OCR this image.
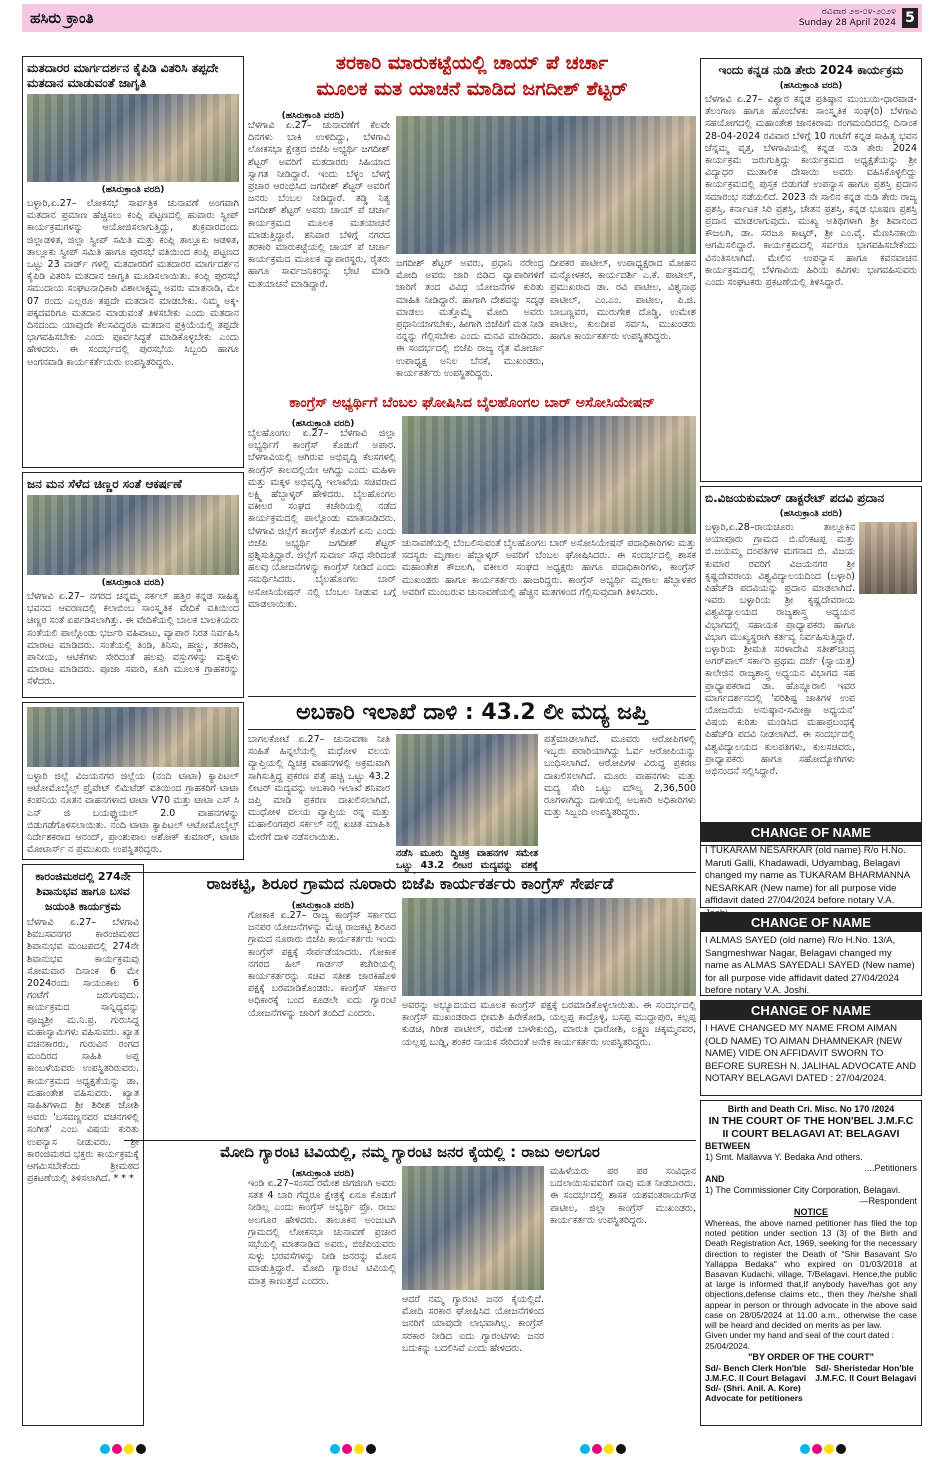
ಹಸಿರು ಕ್ರಾಂತಿ	ರವಿವಾರ ೨೮-೦೪-೨೦೨೪
Sunday 28 April 2024 5
ಮತದಾರರ ಮಾರ್ಗದರ್ಶನ ಕೈಪಿಡಿ ವಿತರಿಸಿ ತಪ್ಪದೇ ಮತದಾನ ಮಾಡುವಂತೆ ಜಾಗೃತಿ
(ಹಸಿರುಕ್ರಾಂತಿ ವರದಿ)
ಬಳ್ಳಾರಿ,ಏ.27– ಲೋಕಸಭೆ ಸಾರ್ವತ್ರಿಕ ಚುನಾವಣೆ ಅಂಗವಾಗಿ ಮತದಾನ ಪ್ರಮಾಣ ಹೆಚ್ಚಿಸಲು ಕಂಪ್ಲಿ ಪಟ್ಟಣದಲ್ಲಿ ಹುವಾರು ಸ್ವೀಪ್ ಕಾರ್ಯಕ್ರಮಗಳನ್ನು ಆಯೋಜಿಸಲಾಗುತ್ತಿದ್ದು, ಶುಕ್ರವಾರದಂದು ಜಿಲ್ಲಾಡಳಿತ, ಜಿಲ್ಲಾ ಸ್ವೀಪ್ ಸಮಿತಿ ಮತ್ತು ಕಂಪ್ಲಿ ತಾಲ್ಲೂಕು ಆಡಳಿತ, ತಾಲ್ಲೂಕು ಸ್ವೀಪ್ ಸಮಿತಿ ಹಾಗೂ ಪುರಸಭೆ ವತಿಯಿಂದ ಕಂಪ್ಲಿ ಪಟ್ಟಣದ ಒಟ್ಟು 23 ವಾರ್ಡ್ ಗಳಲ್ಲಿ ಮತದಾರರಿಗೆ ಮತದಾರರ ಮಾರ್ಗದರ್ಶನ ಕೈಪಿಡಿ ವಿತರಿಸಿ ಮತದಾನ ಜಾಗೃತಿ ಮೂಡಿಸಲಾಯಿತು. ಕಂಪ್ಲಿ ಪುರಸಭೆ ಸಮುದಾಯ ಸಂಘಟನಾಧಿಕಾರಿ ವಿಶಾಲಾಕ್ಷ್ಮಮ್ಮ ಅವರು ಮಾತನಾಡಿ, ಮೇ 07 ರಂದು ಎಲ್ಲರೂ ತಪ್ಪದೇ ಮತದಾನ ಮಾಡಬೇಕು. ನಿಮ್ಮ ಅಕ್ಕ-ಪಕ್ಕದವರಿಗೂ ಮತದಾನ ಮಾಡುವಂತೆ ತಿಳಿಸಬೇಕು ಎಂದು ಮತದಾನ ದಿನದಂದು ಯಾವುದೇ ಕೆಲಸವಿದ್ದರೂ ಮತದಾನ ಪ್ರಕ್ರಿಯೆಯಲ್ಲಿ ತಪ್ಪದೇ ಭಾಗವಹಿಸಬೇಕು ಎಂದು ಪೂರ್ವಸಿದ್ಧತೆ ಮಾಡಿಕೊಳ್ಳಬೇಕು ಎಂದು ಹೇಳಿದರು. ಈ ಸಂದರ್ಭದಲ್ಲಿ ಪುರಸಭೆಯ ಸಿಬ್ಬಂದಿ ಹಾಗೂ ಅಂಗನವಾಡಿ ಕಾರ್ಯಕರ್ತೆಯರು ಉಪಸ್ಥಿತರಿದ್ದರು.
ಜನ ಮನ ಸೆಳೆದ ಚಿಣ್ಣರ ಸಂತೆ ಆಕರ್ಷಣೆ
(ಹಸಿರುಕ್ರಾಂತಿ ವರದಿ)
ಬೆಳಗಾವಿ ಏ.27– ನಗರದ ಚನ್ನಮ್ಮ ಸರ್ಕಲ್ ಹತ್ತಿರ ಕನ್ನಡ ಸಾಹಿತ್ಯ ಭವನದ ಆವರಣದಲ್ಲಿ ಕಲಾಬಿಂಬ ಸಾಂಸ್ಕೃತಿಕ ವೇದಿಕೆ ವತಿಯಿಂದ ಚಿಣ್ಣರ ಸಂತೆ ಏರ್ಪಡಿಸಲಾಗಿತ್ತು. ಈ ವೇದಿಕೆಯಲ್ಲಿ ಬಾಲಕ ಬಾಲಕಿಯರು ಸಂತೆಯಲಿ ಪಾಲ್ಗೊಂಡು ಭರ್ಜರಿ ವಹಿವಾಟು, ವ್ಯಾಪಾರ ನಿರತ ನಿರ್ವಹಿಸಿ ಮಾರಾಟ ಮಾಡಿದರು. ಸಂತೆಯಲ್ಲಿ ತಿಂಡಿ, ತಿನಿಸು, ಹಣ್ಣು, ತರಕಾರಿ, ಪಾನೀಯ, ಆಟಿಕೆಗಳು ಸೇರಿದಂತೆ ಹಲವು ವಸ್ತುಗಳನ್ನು ಮಕ್ಕಳು ಮಾರಾಟ ಮಾಡಿದರು. ಪೂಜಾ ಸವಾರಿ, ಕೂಗಿ ಮೂಲಕ ಗ್ರಾಹಕರನ್ನು ಸೆಳೆದರು.
ಬಳ್ಳಾರಿ ಜಿಲ್ಲೆ ವಿಜಯನಗರ ಜಿಲ್ಲೆಯ (ನಂದಿ ಟಾಟಾ) ಕ್ಯಾಪಿಟಲ್ ಆಟೋಮೊಬೈಲ್ಸ್ ಪ್ರೈವೇಟ್ ಲಿಮಿಟೆಡ್ ವತಿಯಿಂದ ಗ್ರಾಹಕರಿಗೆ ಟಾಟಾ ಕಂಪನಿಯ ನೂತನ ವಾಹನಗಳಾದ ಟಾಟಾ V70 ಮತ್ತು ಟಾಟಾ ಎಸ್ ಸಿ ಎನ್ ಜಿ ಬಯಫ್ಯುಯಲ್ 2.0 ವಾಹನಗಳನ್ನು ಬಿಡುಗಡೆಗೊಳಿಸಲಾಯಿತು. ನಂದಿ ಟಾಟಾ ಕ್ಯಾಪಿಟಲ್ ಆಟೋಮೊಬೈಲ್ಸ್ ನಿರ್ದೇಶಕರಾದ ಆನಂದ್, ಪ್ರಾಂಶುಪಾಲ ಅಶೋಕ್ ಕುಮಾರ್, ಟಾಟಾ ಮೋಟಾರ್ಸ್ ನ ಪ್ರಮುಖರು ಉಪಸ್ಥಿತರಿದ್ದರು.
ಕಾರಂಜಿಮಠದಲ್ಲಿ 274ನೇ ಶಿವಾನುಭವ ಹಾಗೂ ಬಸವ ಜಯಂತಿ ಕಾರ್ಯಕ್ರಮ
ಬೆಳಗಾವಿ ಏ.27– ಬೆಳಗಾವಿ ಶಿವಬಸವನಗರ ಕಾರಂಜಿಮಠದ ಶಿವಾನುಭವ ಮಂಟಪದಲ್ಲಿ 274ನೇ ಶಿವಾನುಭವ ಕಾರ್ಯಕ್ರಮವು ಸೋಮವಾರ ದಿನಾಂಕ 6 ಮೇ 2024ರಂದು ಸಾಯಂಕಾಲ 6 ಗಂಟೆಗೆ ಜರುಗುವುದು. ಕಾರ್ಯಕ್ರಮದ ಸಾನ್ನಿಧ್ಯವನ್ನು ಪೂಜ್ಯಶ್ರೀ ಮ.ನಿ.ಪ್ರ. ಗುರುಸಿದ್ಧ ಮಹಾಸ್ವಾಮಿಗಳು ವಹಿಸುವರು. ಖ್ಯಾತ ವಚನಕಾರರು, ಗುರುವಿನ ರಂಗದ ಮಂದಿರದ ಸಾಹಿತಿ ಅಪ್ಪ ಕಾಂಬಳೆಯವರು ಉಪಸ್ಥಿತರಿರುವರು. ಕಾರ್ಯಕ್ರಮದ ಅಧ್ಯಕ್ಷತೆಯನ್ನು ಡಾ. ಮಹಾಂತೇಶ ವಹಿಸುವರು. ಖ್ಯಾತ ಸಾಹಿತಿಗಳಾದ ಶ್ರೀ ಶಿರೀಶ ಜೋಶಿ ಅವರು 'ಬಸವಣ್ಣನವರ ವಚನಗಳಲ್ಲಿ ಸಂಗೀತ' ಎಂಬ ವಿಷಯ ಕುರಿತು ಉಪನ್ಯಾಸ ನೀಡುವರು. ಶ್ರೀ ಕಾರಂಜಿಮಠದ ಭಕ್ತರು ಕಾರ್ಯಕ್ರಮಕ್ಕೆ ಆಗಮಿಸಬೇಕೆಂದು ಶ್ರೀಮಠದ ಪ್ರಕಟಣೆಯಲ್ಲಿ ತಿಳಿಸಲಾಗಿದೆ. * * *
ತರಕಾರಿ ಮಾರುಕಟ್ಟೆಯಲ್ಲಿ ಚಾಯ್ ಪೆ ಚರ್ಚಾ
ಮೂಲಕ ಮತ ಯಾಚನೆ ಮಾಡಿದ ಜಗದೀಶ್ ಶೆಟ್ಟರ್
(ಹಸಿರುಕ್ರಾಂತಿ ವರದಿ)
ಬೆಳಗಾವಿ ಏ.27– ಚುನಾವಣೆಗೆ ಕೆಲವೇ ದಿನಗಳು ಬಾಕಿ ಉಳಿದಿದ್ದು, ಬೆಳಗಾವಿ ಲೋಕಸಭಾ ಕ್ಷೇತ್ರದ ಬಿಜೆಪಿ ಅಭ್ಯರ್ಥಿ ಜಗದೀಶ್ ಶೆಟ್ಟರ್ ಅವರಿಗೆ ಮತದಾರರು ಸಿಹಿಯಾದ ಸ್ವಾಗತ ನೀಡಿದ್ದಾರೆ. ಇಂದು ಬೆಳ್ಳಂ ಬೆಳಗ್ಗೆ ಪ್ರಚಾರ ಆರಂಭಿಸಿದ ಜಗದೀಶ್ ಶೆಟ್ಟರ್ ಅವರಿಗೆ ಜನರು ಬೆಂಬಲ ನೀಡಿದ್ದಾರೆ. ತಡ್ಡಿ ನಿತ್ಯ ಜಗದೀಶ್ ಶೆಟ್ಟರ್ ಅವರು ಚಾಯ್ ಪೆ ಚರ್ಚಾ ಕಾರ್ಯಕ್ರಮದ ಮೂಲಕ ಮತಯಾಚನೆ ಮಾಡುತ್ತಿದ್ದಾರೆ. ಶನಿವಾರ ಬೆಳಿಗ್ಗೆ ನಗರದ ತರಕಾರಿ ಮಾರುಕಟ್ಟೆಯಲ್ಲಿ ಚಾಯ್ ಪೆ ಚರ್ಚಾ ಕಾರ್ಯಕ್ರಮದ ಮೂಲಕ ವ್ಯಾಪಾರಸ್ಥರು, ರೈತರು ಹಾಗೂ ಸಾರ್ವಜನಿಕರನ್ನು ಭೇಟಿ ಮಾಡಿ ಮತಯಾಚನೆ ಮಾಡಿದ್ದಾರೆ.
ಜಗದೀಶ್ ಶೆಟ್ಟರ್ ಅವರು, ಪ್ರಧಾನಿ ನರೇಂದ್ರ ಮೋದಿ ಅವರು ಜಾರಿ ಬಿಡಿದ ವ್ಯಾಪಾರಿಗಳಿಗೆ ಜಾರಿಗೆ ತಂದ ವಿವಿಧ ಯೋಜನೆಗಳ ಕುರಿತು ಮಾಹಿತಿ ನೀಡಿದ್ದಾರೆ. ಹಾಗಾಗಿ ದೇಶವನ್ನು ಸದೃಢ ಮಾಡಲು ಮತ್ತೊಮ್ಮೆ ಮೋದಿ ಅವರು ಪ್ರಧಾನಿಯಾಗಬೇಕು, ಹೀಗಾಗಿ ಬಿಜೆಪಿಗೆ ಮತ ನೀಡಿ ನನ್ನನ್ನು ಗೆಲ್ಲಿಸಬೇಕು ಎಂದು ಮನವಿ ಮಾಡಿದರು. ಈ ಸಂದರ್ಭದಲ್ಲಿ ಬಿಜೆಪಿ ರಾಜ್ಯ ರೈತ ಮೋರ್ಚಾ ಉಪಾಧ್ಯಕ್ಷ ಅನಿಲ ಬೆನಕೆ, ಮುಖಂಡರು, ಕಾರ್ಯಕರ್ತರು ಉಪಸ್ಥಿತರಿದ್ದರು.
ದೀಪಕರ ಪಾಟೀಲ್, ಉಪಾಧ್ಯಕ್ಷರಾದ ಮೋಹನ ಮನ್ನೋಳಕರ, ಕಾರ್ಯದರ್ಶಿ ಎ.ಕೆ. ಪಾಟೀಲ್, ಪ್ರಮುಖರಾದ ಡಾ. ರವಿ ಪಾಟೀಲ, ವಿಶ್ವನಾಥ ಪಾಟೀಲ್, ಎಂ.ಎಂ. ಪಾಟೀಲ, ಪಿ.ಜಿ. ಬಾಬಣ್ಣವರ, ಮುರುಗೇಶ ದೊಡ್ಡಿ, ಉಮೇಶ ಪಾಟೀಲ, ಕುಲದೀಪ ಸರ್ವಸಿ, ಮುಖಂಡರು ಹಾಗೂ ಕಾರ್ಯಕರ್ತರು ಉಪಸ್ಥಿತರಿದ್ದರು.
ಕಾಂಗ್ರೆಸ್ ಅಭ್ಯರ್ಥಿಗೆ ಬೆಂಬಲ ಘೋಷಿಸಿದ ಬೈಲಹೊಂಗಲ ಬಾರ್ ಅಸೋಸಿಯೇಷನ್
(ಹಸಿರುಕ್ರಾಂತಿ ವರದಿ)
ಬೈಲಹೊಂಗಲ ಏ.27– ಬೆಳಗಾವಿ ಜಿಲ್ಲಾ ಅಭ್ಯರ್ಥಿಗೆ ಕಾಂಗ್ರೆಸ್ ಕೊಡುಗೆ ಅಪಾರ. ಬೆಳಗಾವಿಯಲ್ಲಿ ಆಗಿರುವ ಅಭಿವೃದ್ಧಿ ಕೆಲಸಗಳಲ್ಲಿ ಕಾಂಗ್ರೆಸ್ ಕಾಲದಲ್ಲಿಯೇ ಆಗಿದ್ದು ಎಂದು ಮಹಿಳಾ ಮತ್ತು ಮಕ್ಕಳ ಅಭಿವೃದ್ಧಿ ಇಲಾಖೆಯ ಸಚಿವರಾದ ಲಕ್ಷ್ಮಿ ಹೆಬ್ಬಾಳ್ಕರ್ ಹೇಳಿದರು. ಬೈಲಹೊಂಗಲ ವಕೀಲರ ಸಂಘದ ಕಚೇರಿಯಲ್ಲಿ ನಡೆದ ಕಾರ್ಯಕ್ರಮದಲ್ಲಿ ಪಾಲ್ಗೊಂಡು ಮಾತನಾಡಿದರು. ಬೆಳಗಾವಿ ಜಿಲ್ಲೆಗೆ ಕಾಂಗ್ರೆಸ್ ಕೊಡುಗೆ ಏನು ಎಂದು ಬಿಜೆಪಿ ಅಭ್ಯರ್ಥಿ ಜಗದೀಶ್ ಶೆಟ್ಟರ್ ಪ್ರಶ್ನಿಸುತ್ತಿದ್ದಾರೆ. ಜಿಲ್ಲೆಗೆ ಸುವರ್ಣ ಸೌಧ ಸೇರಿದಂತೆ ಹಲವು ಯೋಜನೆಗಳನ್ನು ಕಾಂಗ್ರೆಸ್ ನೀಡಿದೆ ಎಂದು ಸಮರ್ಥಿಸಿದರು. ಬೈಲಹೊಂಗಲ ಬಾರ್ ಅಸೋಸಿಯೇಷನ್ ನಲ್ಲಿ ಬೆಂಬಲ ನೀಡುವ ಬಗ್ಗೆ ಮಾಡಲಾಯಿತು.
ಚುನಾವಣೆಯಲ್ಲಿ ಬೆಂಬಲಿಸುವಂತೆ ಬೈಲಹೊಂಗಲ ಬಾರ್ ಅಸೋಸಿಯೇಷನ್ ಪದಾಧಿಕಾರಿಗಳು ಮತ್ತು ಸದಸ್ಯರು ಮೃಣಾಲ ಹೆಬ್ಬಾಳ್ಕರ್ ಅವರಿಗೆ ಬೆಂಬಲ ಘೋಷಿಸಿದರು. ಈ ಸಂದರ್ಭದಲ್ಲಿ ಶಾಸಕ ಮಹಾಂತೇಶ ಕೌಜಲಗಿ, ವಕೀಲರ ಸಂಘದ ಅಧ್ಯಕ್ಷರು ಹಾಗೂ ಪದಾಧಿಕಾರಿಗಳು, ಕಾಂಗ್ರೆಸ್ ಮುಖಂಡರು ಹಾಗೂ ಕಾರ್ಯಕರ್ತರು ಹಾಜರಿದ್ದರು. ಕಾಂಗ್ರೆಸ್ ಅಭ್ಯರ್ಥಿ ಮೃಣಾಲ ಹೆಬ್ಬಾಳಕರ ಅವರಿಗೆ ಮುಂಬರುವ ಚುನಾವಣೆಯಲ್ಲಿ ಹೆಚ್ಚಿನ ಮತಗಳಿಂದ ಗೆಲ್ಲಿಸುವುದಾಗಿ ತಿಳಿಸಿದರು.
ಅಬಕಾರಿ ಇಲಾಖೆ ದಾಳಿ : 43.2 ಲೀ ಮದ್ಯ ಜಪ್ತಿ
ಬಾಗಲಕೋಟೆ ಏ.27– ಚುನಾವಣಾ ನೀತಿ ಸಂಹಿತೆ ಹಿನ್ನಲೆಯಲ್ಲಿ ಮಧೋಳ ವಲಯ ವ್ಯಾಪ್ತಿಯಲ್ಲಿ ದ್ವಿಚಕ್ರ ವಾಹನಗಳಲ್ಲಿ ಅಕ್ರಮವಾಗಿ ಸಾಗಿಸುತ್ತಿದ್ದ ಪ್ರಕರಣ ಪತ್ತೆ ಹಚ್ಚಿ ಒಟ್ಟು 43.2 ಲೀಟರ್ ಮದ್ಯವನ್ನು ಅಬಕಾರಿ ಇಲಾಖೆ ಶನಿವಾರ ಜಪ್ತಿ ಮಾಡಿ ಪ್ರಕರಣ ದಾಖಲಿಸಲಾಗಿದೆ. ಮುಧೋಳ ವಲಯ ವ್ಯಾಪ್ತಿಯ ರನ್ನ ಮತ್ತು ಮಹಾಲಿಂಗಪುರ ಸರ್ಕಲ್ ನಲ್ಲಿ ಖಚಿತ ಮಾಹಿತಿ ಮೇರೆಗೆ ದಾಳಿ ನಡೆಸಲಾಯಿತು.
ನಡೆಸಿ ಮೂರು ದ್ವಿಚಕ್ರ ವಾಹನಗಳ ಸಮೇತ ಒಟ್ಟು 43.2 ಲೀಟರ ಮದ್ಯವನ್ನು ವಶಕ್ಕೆ
ಪತ್ತೆಮಾಡಲಾಗಿದೆ. ಮೂವರು ಆರೋಪಿಗಳಲ್ಲಿ ಇಬ್ಬರು ಪರಾರಿಯಾಗಿದ್ದು ಓರ್ವ ಆರೋಪಿಯನ್ನು ಬಂಧಿಸಲಾಗಿದೆ. ಆರೋಪಿಗಳ ವಿರುದ್ಧ ಪ್ರಕರಣ ದಾಖಲಿಸಲಾಗಿದೆ. ಮೂರು ವಾಹನಗಳು ಮತ್ತು ಮದ್ಯ ಸೇರಿ ಒಟ್ಟು ಮೌಲ್ಯ 2,36,500 ರೂಗಳಾಗಿದ್ದು ದಾಳಿಯಲ್ಲಿ ಅಬಕಾರಿ ಅಧಿಕಾರಿಗಳು ಮತ್ತು ಸಿಬ್ಬಂದಿ ಉಪಸ್ಥಿತರಿದ್ದರು.
ರಾಜಕಟ್ಟಿ, ಶಿರೂರ ಗ್ರಾಮದ ನೂರಾರು ಬಿಜೆಪಿ ಕಾರ್ಯಕರ್ತರು ಕಾಂಗ್ರೆಸ್ ಸೇರ್ಪಡೆ
(ಹಸಿರುಕ್ರಾಂತಿ ವರದಿ)
ಗೋಕಾಕ ಏ.27– ರಾಜ್ಯ ಕಾಂಗ್ರೆಸ್ ಸರ್ಕಾರದ ಜನಪರ ಯೋಜನೆಗಳನ್ನು ಮೆಚ್ಚಿ ರಾಜಕಟ್ಟಿ ಶಿರೂರ ಗ್ರಾಮದ ನೂರಾರು ಬಿಜೆಪಿ ಕಾರ್ಯಕರ್ತರು ಇಂದು ಕಾಂಗ್ರೆಸ್ ಪಕ್ಷಕ್ಕೆ ಸೇರ್ಪಡೆಯಾದರು. ಗೋಕಾಕ ನಗರದ ಹಿಲ್ ಗಾರ್ಡನ್ ಕಚೇರಿಯಲ್ಲಿ ಕಾರ್ಯಕರ್ತರನ್ನು ಸಚಿವ ಸತೀಶ ಜಾರಕಿಹೊಳಿ ಪಕ್ಷಕ್ಕೆ ಬರಮಾಡಿಕೊಂಡರು. ಕಾಂಗ್ರೆಸ್ ಸರ್ಕಾರ ಅಧಿಕಾರಕ್ಕೆ ಬಂದ ಕೂಡಲೇ ಐದು ಗ್ಯಾರಂಟಿ ಯೋಜನೆಗಳನ್ನು ಜಾರಿಗೆ ತಂದಿದೆ ಎಂದರು.
ಅವರನ್ನು ಅಭ್ಯೂದಯದ ಮೂಲಕ ಕಾಂಗ್ರೆಸ್ ಪಕ್ಷಕ್ಕೆ ಬರಮಾಡಿಕೊಳ್ಳಲಾಯಿತು. ಈ ಸಂದರ್ಭದಲ್ಲಿ ಕಾಂಗ್ರೆಸ್ ಮುಖಂಡರಾದ ಭೀಮಶಿ ಹಿರೇಕೋಡಿ, ಯಲ್ಲಪ್ಪ ಕಾದ್ರೊಳ್ಳಿ, ಬಸಪ್ಪ ಮುದ್ದಾಪುರ, ಕಲ್ಲಪ್ಪ ಕುಡಚಿ, ಗಿರೀಶ ಪಾಟೀಲ್, ರಮೇಶ ಬಾಳೇಕುಂದ್ರಿ, ಮಾರುತಿ ಧಾರೋಶಿ, ಲಕ್ಷ್ಮಣ ಚಿಕ್ಕಮ್ಮನವರ, ಯಲ್ಲಪ್ಪ ಬುಡ್ನಿ, ಶಂಕರ ನಾಯಕ ಸೇರಿದಂತೆ ಅನೇಕ ಕಾರ್ಯಕರ್ತರು ಉಪಸ್ಥಿತರಿದ್ದರು.
ಮೋದಿ ಗ್ಯಾರಂಟಿ ಟಿವಿಯಲ್ಲಿ, ನಮ್ಮ ಗ್ಯಾರಂಟಿ ಜನರ ಕೈಯಲ್ಲಿ : ರಾಜು ಅಲಗೂರ
(ಹಸಿರುಕ್ರಾಂತಿ ವರದಿ)
ಇಂಡಿ ಏ.27–ಸಂಸದ ರಮೇಶ ಜಿಗಜಿಣಗಿ ಅವರು ಸತತ 4 ಬಾರಿ ಗೆದ್ದರೂ ಕ್ಷೇತ್ರಕ್ಕೆ ಏನೂ ಕೊಡುಗೆ ನೀಡಿಲ್ಲ ಎಂದು ಕಾಂಗ್ರೆಸ್ ಅಭ್ಯರ್ಥಿ ಪ್ರೊ. ರಾಜು ಅಲಗೂರ ಹೇಳಿದರು. ತಾಲೂಕಿನ ಅಂಜುಟಗಿ ಗ್ರಾಮದಲ್ಲಿ ಲೋಕಸಭಾ ಚುನಾವಣೆ ಪ್ರಚಾರ ಸಭೆಯಲ್ಲಿ ಮಾತನಾಡಿದ ಅವರು, ಬಿಜೆಪಿಯವರು ಸುಳ್ಳು ಭರವಸೆಗಳನ್ನು ನೀಡಿ ಜನರನ್ನು ಮೋಸ ಮಾಡುತ್ತಿದ್ದಾರೆ. ಮೋದಿ ಗ್ಯಾರಂಟಿ ಟಿವಿಯಲ್ಲಿ ಮಾತ್ರ ಕಾಣುತ್ತದೆ ಎಂದರು.
ಆದರೆ ನಮ್ಮ ಗ್ಯಾರಂಟಿ ಜನರ ಕೈಯಲ್ಲಿದೆ. ಮೋದಿ ಸರಕಾರ ಘೋಷಿಸಿದ ಯೋಜನೆಗಳಿಂದ ಜನರಿಗೆ ಯಾವುದೇ ಲಾಭವಾಗಿಲ್ಲ. ಕಾಂಗ್ರೆಸ್ ಸರಕಾರ ನೀಡಿದ ಐದು ಗ್ಯಾರಂಟಿಗಳು ಜನರ ಬದುಕನ್ನು ಬದಲಿಸಿವೆ ಎಂದು ಹೇಳಿದರು.
ಮಹಿಳೆಯರು ಪರ ಪರ ಸಂವಿಧಾನ ಬದಲಾಯಿಸುವವರಿಗೆ ನಾವು ಮತ ನೀಡಬಾರದು. ಈ ಸಂದರ್ಭದಲ್ಲಿ ಶಾಸಕ ಯಶವಂತರಾಯಗೌಡ ಪಾಟೀಲ, ಜಿಲ್ಲಾ ಕಾಂಗ್ರೆಸ್ ಮುಖಂಡರು, ಕಾರ್ಯಕರ್ತರು ಉಪಸ್ಥಿತರಿದ್ದರು.
ಇಂದು ಕನ್ನಡ ನುಡಿ ತೇರು 2024 ಕಾರ್ಯಕ್ರಮ
(ಹಸಿರುಕ್ರಾಂತಿ ವರದಿ)
ಬೆಳಗಾವಿ ಏ.27– ವಿಶ್ವಾರ ಕನ್ನಡ ಪ್ರತಿಷ್ಠಾನ ಮುಂಬಯಿ-ಧಾರವಾಡ-ತೆಲಂಗಾಣ ಹಾಗೂ ಹೊಂಬೆಳಕು ಸಾಂಸ್ಕೃತಿಕ ಸಂಘ(ರಿ) ಬೆಳಗಾವಿ ಸಹಯೋಗದಲ್ಲಿ ಮಹಾಂತೇಶ ಜಾನಕಿರಾಮ ರಂಗಮಂದಿರದಲ್ಲಿ ದಿನಾಂಕ 28-04-2024 ರವಿವಾರ ಬೆಳಿಗ್ಗೆ 10 ಗಂಟೆಗೆ ಕನ್ನಡ ಸಾಹಿತ್ಯ ಭವನ ಚೆನ್ನಮ್ಮ ವೃತ್ತ, ಬೆಳಗಾವಿಯಲ್ಲಿ ಕನ್ನಡ ನುಡಿ ತೇರು 2024 ಕಾರ್ಯಕ್ರಮ ಜರುಗುತ್ತಿದ್ದು ಕಾರ್ಯಕ್ರಮದ ಅಧ್ಯಕ್ಷತೆಯನ್ನು ಶ್ರೀ ವಿದ್ಯಾಧರ ಮುತಾಲಿಕ ದೇಸಾಯಿ ಅವರು ವಹಿಸಿಕೊಳ್ಳಲಿದ್ದು ಕಾರ್ಯಕ್ರಮದಲ್ಲಿ ಪುಸ್ತಕ ಬಿಡುಗಡೆ ಉಪನ್ಯಾಸ ಹಾಗೂ ಪ್ರಶಸ್ತಿ ಪ್ರದಾನ ಸಮಾರಂಭ ನಡೆಯಲಿದೆ. 2023 ನೇ ಸಾಲಿನ ಕನ್ನಡ ನುಡಿ ತೇರು ರಾಜ್ಯ ಪ್ರಶಸ್ತಿ, ಕರ್ನಾಟಕ ಸಿರಿ ಪ್ರಶಸ್ತಿ, ಚೇತನ ಪ್ರಶಸ್ತಿ, ಕನ್ನಡ ಭೂಷಣ ಪ್ರಶಸ್ತಿ ಪ್ರದಾನ ಮಾಡಲಾಗುವುದು. ಮುಖ್ಯ ಅತಿಥಿಗಳಾಗಿ ಶ್ರೀ ಶಿವಾನಂದ ಕೌಜಲಗಿ, ಡಾ. ಸರಜೂ ಕಾಟ್ಕರ್, ಶ್ರೀ ಎಂ.ವೈ. ಮೆಣಸಿನಕಾಯಿ ಆಗಮಿಸಲಿದ್ದಾರೆ. ಕಾರ್ಯಕ್ರಮದಲ್ಲಿ ಸರ್ವರೂ ಭಾಗವಹಿಸಬೇಕೆಂದು ವಿನಂತಿಸಲಾಗಿದೆ. ಮೇಲಿನ ಉಪನ್ಯಾಸ ಹಾಗೂ ಕವನವಾಚನ ಕಾರ್ಯಕ್ರಮದಲ್ಲಿ ಬೆಳಗಾವಿಯ ಹಿರಿಯ ಕವಿಗಳು ಭಾಗವಹಿಸುವರು ಎಂದು ಸಂಘಟಕರು ಪ್ರಕಟಣೆಯಲ್ಲಿ ತಿಳಿಸಿದ್ದಾರೆ.
ಬಿ.ವಿಜಯಕುಮಾರ್ ಡಾಕ್ಟರೇಟ್ ಪದವಿ ಪ್ರದಾನ
(ಹಸಿರುಕ್ರಾಂತಿ ವರದಿ)
ಬಳ್ಳಾರಿ,ಏ.28–ರಾಯಚೂರು ತಾಲ್ಲೂಕಿನ ಅಯಾಪೂರು ಗ್ರಾಮದ ಬಿ.ವೆಂಕಟಪ್ಪ ಮತ್ತು ಬಿ.ಜಯಮ್ಮ ದಂಪತಿಗಳ ಮಗನಾದ ಬಿ. ವಿಜಯ ಕುಮಾರ ರವರಿಗೆ ವಿಜಯನಗರ ಶ್ರೀ ಕೃಷ್ಣದೇವರಾಯ ವಿಶ್ವವಿದ್ಯಾಲಯದಿಂದ (ಬಳ್ಳಾರಿ) ಪಿಹೆಚ್‌ಡಿ ಪದವಿಯನ್ನು ಪ್ರದಾನ ಮಾಡಲಾಗಿದೆ. ಇವರು ಬಳ್ಳಾರಿಯ ಶ್ರೀ ಕೃಷ್ಣದೇವರಾಯ ವಿಶ್ವವಿದ್ಯಾಲಯದ ರಾಜ್ಯಶಾಸ್ತ್ರ ಅಧ್ಯಯನ ವಿಭಾಗದಲ್ಲಿ ಸಹಾಯಕ ಪ್ರಾಧ್ಯಾಪಕರು ಹಾಗೂ ವಿಭಾಗ ಮುಖ್ಯಸ್ಥರಾಗಿ ಕರ್ತವ್ಯ ನಿರ್ವಹಿಸುತ್ತಿದ್ದಾರೆ. ಬಳ್ಳಾರಿಯ ಶ್ರೀಮತಿ ಸರಳಾದೇವಿ ಸತೀಶ್‌ಚಂದ್ರ ಅಗರ್‌ವಾಲ್ ಸರ್ಕಾರಿ ಪ್ರಥಮ ದರ್ಜೆ (ಸ್ವಾಯತ್ತ) ಕಾಲೇಜಿನ ರಾಜ್ಯಶಾಸ್ತ್ರ ಅಧ್ಯಯನ ವಿಭಾಗದ ಸಹ ಪ್ರಾಧ್ಯಾಪಕರಾದ ಡಾ. ಹೊನ್ನೂರಾಲಿ ಇವರ ಮಾರ್ಗದರ್ಶನದಲ್ಲಿ 'ಪರಿಶಿಷ್ಟ ಜಾತಿಗಳ ಉಪ ಯೋಜನೆಯ ಅನುಷ್ಠಾನ-ಸಮೀಕ್ಷಾ ಅಧ್ಯಯನ' ವಿಷಯ ಕುರಿತು ಮಂಡಿಸಿದ ಮಹಾಪ್ರಬಂಧಕ್ಕೆ ಪಿಹೆಚ್‌ಡಿ ಪದವಿ ನೀಡಲಾಗಿದೆ. ಈ ಸಂದರ್ಭದಲ್ಲಿ ವಿಶ್ವವಿದ್ಯಾಲಯದ ಕುಲಪತಿಗಳು, ಕುಲಸಚಿವರು, ಪ್ರಾಧ್ಯಾಪಕರು ಹಾಗೂ ಸಹೋದ್ಯೋಗಿಗಳು ಅಭಿನಂದನೆ ಸಲ್ಲಿಸಿದ್ದಾರೆ.
CHANGE OF NAME
I TUKARAM NESARKAR (old name) R/o H.No. Maruti Galli, Khadawadi, Udyambag, Belagavi changed my name as TUKARAM BHARMANNA NESARKAR (New name) for all purpose vide affidavit dated 27/04/2024 before notary V.A.
CHANGE OF NAME
I ALMAS SAYED (old name) R/o H.No. 13/A, Sangmeshwar Nagar, Belagavi changed my name as ALMAS SAYEDALI SAYED (New name) for all purpose vide affidavit dated 27/04/2024 before notary V.A. Joshi.
CHANGE OF NAME
I HAVE CHANGED MY NAME FROM AIMAN (OLD NAME) TO AIMAN DHAMNEKAR (NEW NAME) VIDE ON AFFIDAVIT SWORN TO BEFORE SURESH N. JALIHAL ADVOCATE AND NOTARY BELAGAVI DATED : 27/04/2024.
Birth and Death Cri. Misc. No 170 /2024
IN THE COURT OF THE HON'BEL J.M.F.C II COURT BELAGAVI AT: BELAGAVI
BETWEEN
1) Smt. Mallavva Y. Bedaka And others.
....Petitioners
AND
1) The Commissioner City Corporation, Belagavi.
—Respondent
NOTICE
Whereas, the above named petitioner has filed the top noted petition under section 13 (3) of the Birth and Death Registration Act, 1969, seeking for the necessary direction to register the Death of "Shir Basavant S/o Yallappa Bedaka" who expired on 01/03/2018 at Basavan Kudachi, village, T/Belagavi. Hence,the public at large is informed that,If anybody have/has got any objections,defense claims etc., then they /he/she shall appear in person or through advocate in the above said case on 28/05/2024 at 11.00 a.m., otherwise the case will be heard and decided on merits as per law.
Given under my hand and seal of the court dated : 25/04/2024.
"BY ORDER OF THE COURT"
Sd/- Bench Clerk Hon'ble J.M.F.C. II Court Belagavi
Sd/- Sheristedar Hon'ble J.M.F.C. II Court Belagavi
Sd/- (Shri. Anil. A. Kore) Advocate for petitioners
